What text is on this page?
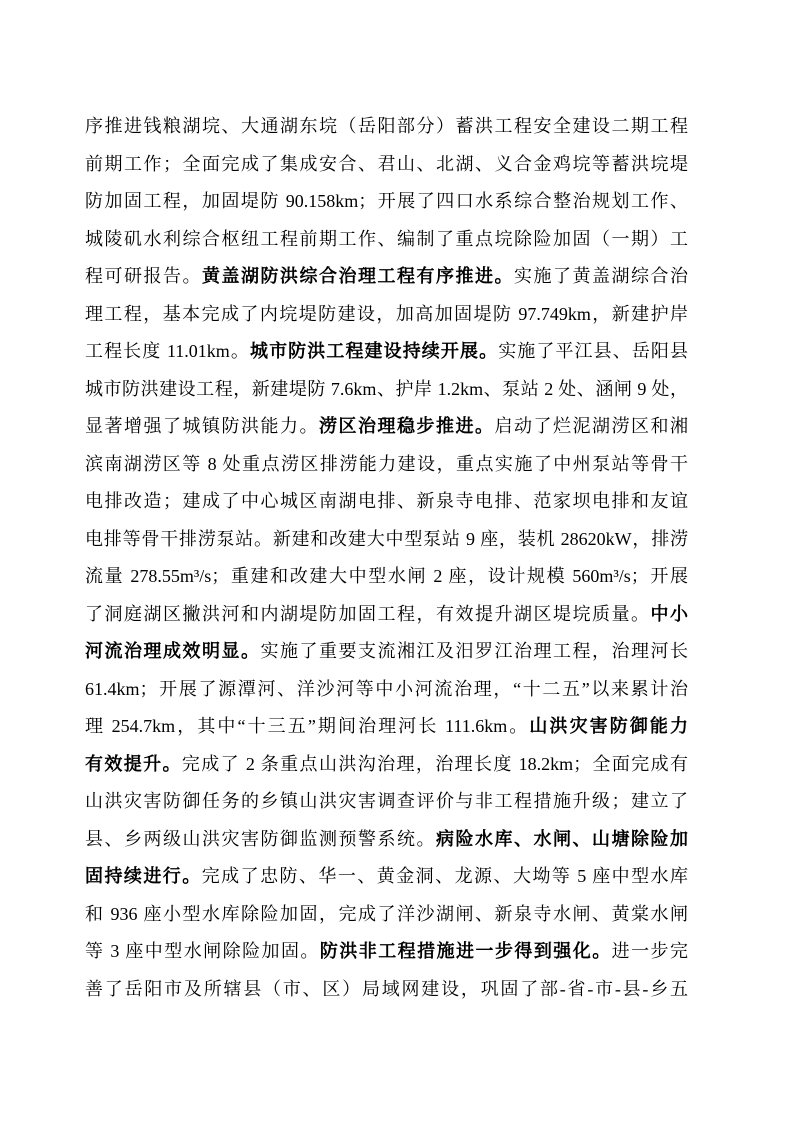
序推进钱粮湖垸、大通湖东垸（岳阳部分）蓄洪工程安全建设二期工程
前期工作；全面完成了集成安合、君山、北湖、义合金鸡垸等蓄洪垸堤
防加固工程，加固堤防 90.158km；开展了四口水系综合整治规划工作、
城陵矶水利综合枢纽工程前期工作、编制了重点垸除险加固（一期）工
程可研报告。黄盖湖防洪综合治理工程有序推进。实施了黄盖湖综合治
理工程，基本完成了内垸堤防建设，加高加固堤防 97.749km，新建护岸
工程长度 11.01km。城市防洪工程建设持续开展。实施了平江县、岳阳县
城市防洪建设工程，新建堤防 7.6km、护岸 1.2km、泵站 2 处、涵闸 9 处，
显著增强了城镇防洪能力。涝区治理稳步推进。启动了烂泥湖涝区和湘
滨南湖涝区等 8 处重点涝区排涝能力建设，重点实施了中州泵站等骨干
电排改造；建成了中心城区南湖电排、新泉寺电排、范家坝电排和友谊
电排等骨干排涝泵站。新建和改建大中型泵站 9 座，装机 28620kW，排涝
流量 278.55m³/s；重建和改建大中型水闸 2 座，设计规模 560m³/s；开展
了洞庭湖区撇洪河和内湖堤防加固工程，有效提升湖区堤垸质量。中小
河流治理成效明显。实施了重要支流湘江及汨罗江治理工程，治理河长
61.4km；开展了源潭河、洋沙河等中小河流治理，“十二五”以来累计治
理 254.7km，其中“十三五”期间治理河长 111.6km。山洪灾害防御能力
有效提升。完成了 2 条重点山洪沟治理，治理长度 18.2km；全面完成有
山洪灾害防御任务的乡镇山洪灾害调查评价与非工程措施升级；建立了
县、乡两级山洪灾害防御监测预警系统。病险水库、水闸、山塘除险加
固持续进行。完成了忠防、华一、黄金洞、龙源、大坳等 5 座中型水库
和 936 座小型水库除险加固，完成了洋沙湖闸、新泉寺水闸、黄棠水闸
等 3 座中型水闸除险加固。防洪非工程措施进一步得到强化。进一步完
善了岳阳市及所辖县（市、区）局域网建设，巩固了部-省-市-县-乡五
